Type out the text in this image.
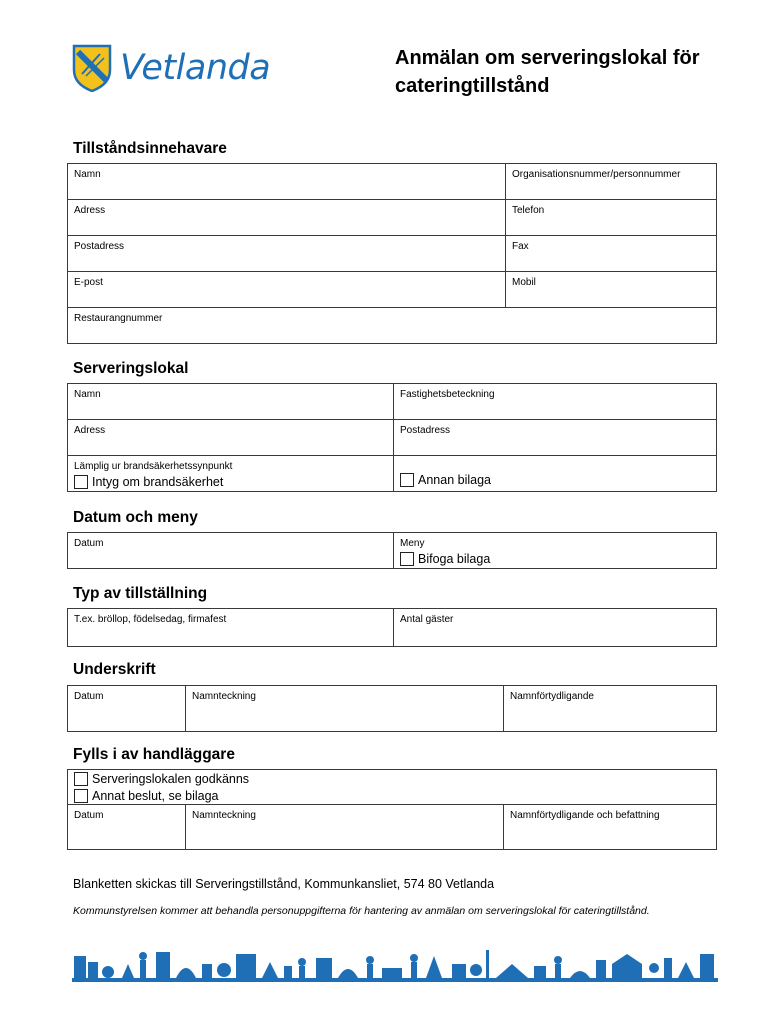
Vetlanda	Anmälan om serveringslokal för cateringtillstånd
Tillståndsinnehavare
Namn	Organisationsnummer/personnummer
Adress	Telefon
Postadress	Fax
E-post	Mobil
Restaurangnummer
Serveringslokal
Namn	Fastighetsbeteckning
Adress	Postadress
Lämplig ur brandsäkerhetssynpunkt
Intyg om brandsäkerhet	Annan bilaga
Datum och meny
Datum	Meny
Bifoga bilaga
Typ av tillställning
T.ex. bröllop, födelsedag, firmafest	Antal gäster
Underskrift
Datum	Namnteckning	Namnförtydligande
Fylls i av handläggare
Serveringslokalen godkänns
Annat beslut, se bilaga
Datum	Namnteckning	Namnförtydligande och befattning
Blanketten skickas till Serveringstillstånd, Kommunkansliet, 574 80 Vetlanda
Kommunstyrelsen kommer att behandla personuppgifterna för hantering av anmälan om serveringslokal för cateringtillstånd.
